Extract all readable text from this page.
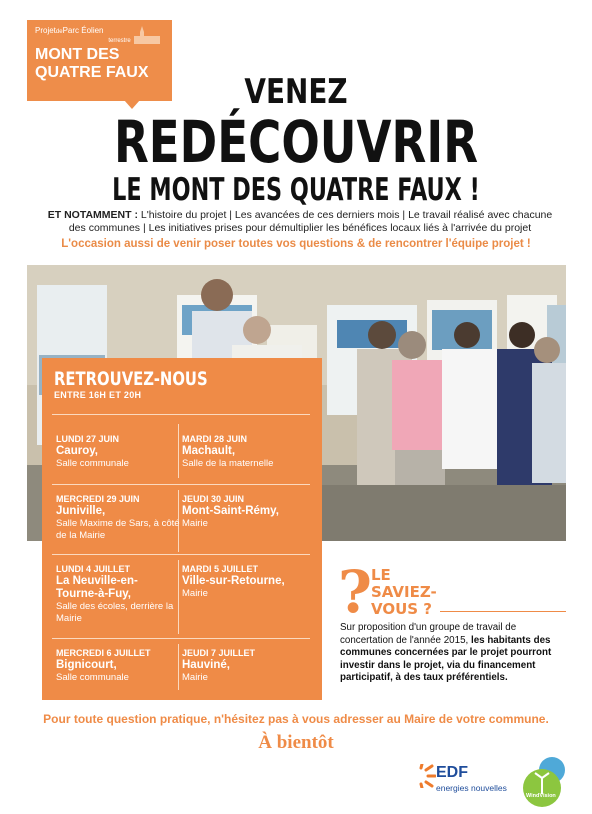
ProjetdeParc Éolien
terrestre
MONT DES
QUATRE FAUX	VENEZ
REDÉCOUVRIR
LE MONT DES QUATRE FAUX !
ET NOTAMMENT : L'histoire du projet | Les avancées de ces derniers mois | Le travail réalisé avec chacune des communes | Les initiatives prises pour démultiplier les bénéfices locaux liés à l'arrivée du projet
L'occasion aussi de venir poser toutes vos questions & de rencontrer l'équipe projet !
RETROUVEZ-NOUS
ENTRE 16H ET 20H
LUNDI 27 JUIN
Cauroy,
Salle communale
MARDI 28 JUIN
Machault,
Salle de la maternelle
MERCREDI 29 JUIN
Juniville,
Salle Maxime de Sars, à côté de la Mairie
JEUDI 30 JUIN
Mont-Saint-Rémy,
Mairie
LUNDI 4 JUILLET
La Neuville-en-Tourne-à-Fuy,
Salle des écoles, derrière la Mairie
MARDI 5 JUILLET
Ville-sur-Retourne,
Mairie
MERCREDI 6 JUILLET
Bignicourt,
Salle communale
JEUDI 7 JUILLET
Hauviné,
Mairie
? LE
SAVIEZ-
VOUS ?
Sur proposition d'un groupe de travail de concertation de l'année 2015, les habitants des communes concernées par le projet pourront investir dans le projet, via du financement participatif, à des taux préférentiels.
Pour toute question pratique, n'hésitez pas à vous adresser au Maire de votre commune.
À bientôt
EDF
energies nouvelles
WindVision
